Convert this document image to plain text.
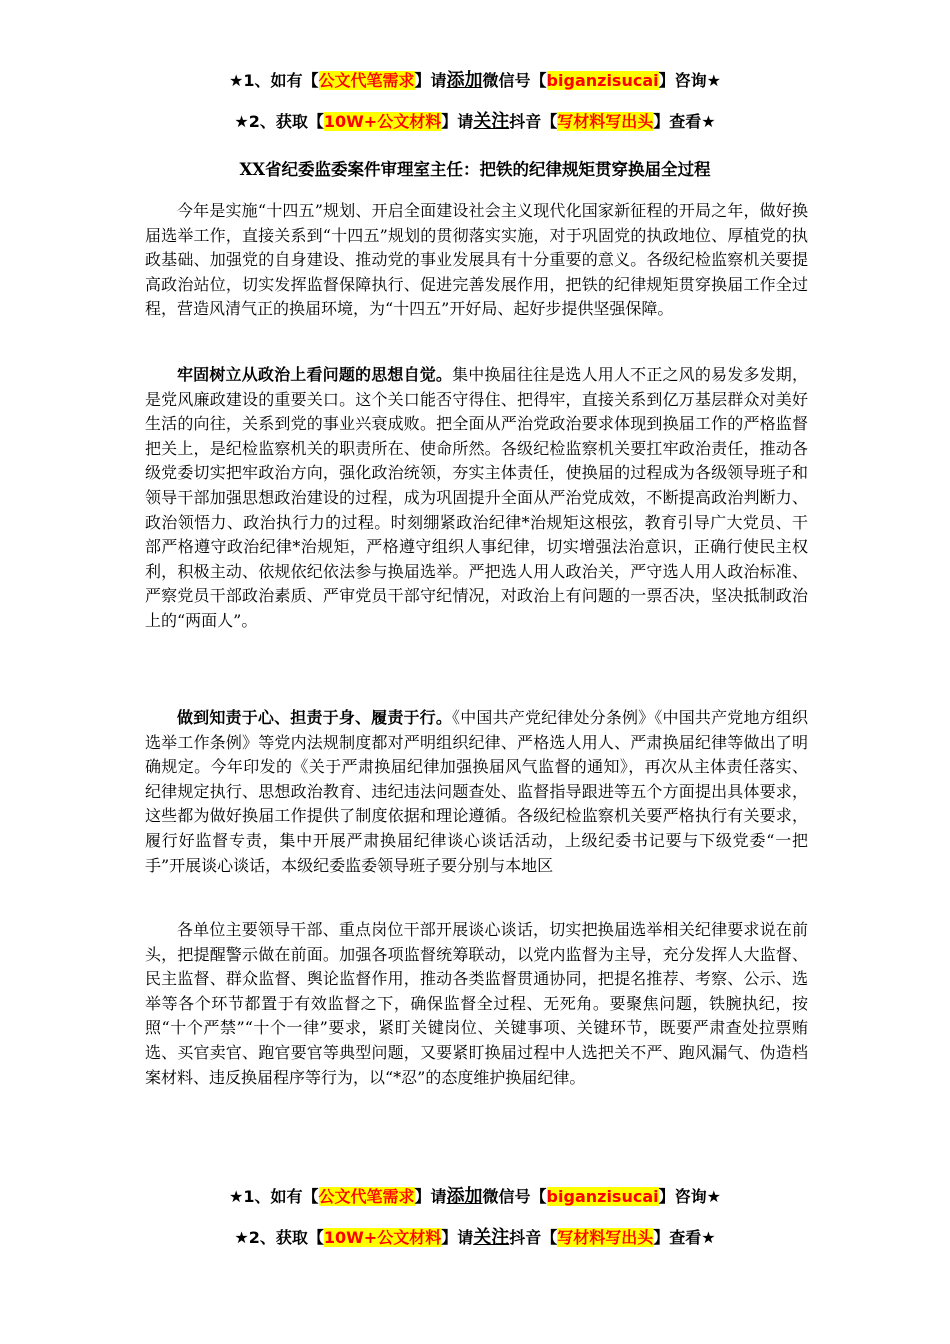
★1、如有【公文代笔需求】请添加微信号【biganzisucai】咨询★
★2、获取【10W+公文材料】请关注抖音【写材料写出头】查看★
XX省纪委监委案件审理室主任：把铁的纪律规矩贯穿换届全过程

今年是实施“十四五”规划、开启全面建设社会主义现代化国家新征程的开局之年，做好换届选举工作，直接关系到“十四五”规划的贯彻落实实施，对于巩固党的执政地位、厚植党的执政基础、加强党的自身建设、推动党的事业发展具有十分重要的意义。各级纪检监察机关要提高政治站位，切实发挥监督保障执行、促进完善发展作用，把铁的纪律规矩贯穿换届工作全过程，营造风清气正的换届环境，为“十四五”开好局、起好步提供坚强保障。

牢固树立从政治上看问题的思想自觉。集中换届往往是选人用人不正之风的易发多发期，是党风廉政建设的重要关口。这个关口能否守得住、把得牢，直接关系到亿万基层群众对美好生活的向往，关系到党的事业兴衰成败。把全面从严治党政治要求体现到换届工作的严格监督把关上，是纪检监察机关的职责所在、使命所然。各级纪检监察机关要扛牢政治责任，推动各级党委切实把牢政治方向，强化政治统领，夯实主体责任，使换届的过程成为各级领导班子和领导干部加强思想政治建设的过程，成为巩固提升全面从严治党成效，不断提高政治判断力、政治领悟力、政治执行力的过程。时刻绷紧政治纪律*治规矩这根弦，教育引导广大党员、干部严格遵守政治纪律*治规矩，严格遵守组织人事纪律，切实增强法治意识，正确行使民主权利，积极主动、依规依纪依法参与换届选举。严把选人用人政治关，严守选人用人政治标准、严察党员干部政治素质、严审党员干部守纪情况，对政治上有问题的一票否决，坚决抵制政治上的“两面人”。

做到知责于心、担责于身、履责于行。《中国共产党纪律处分条例》《中国共产党地方组织选举工作条例》等党内法规制度都对严明组织纪律、严格选人用人、严肃换届纪律等做出了明确规定。今年印发的《关于严肃换届纪律加强换届风气监督的通知》，再次从主体责任落实、纪律规定执行、思想政治教育、违纪违法问题查处、监督指导跟进等五个方面提出具体要求，这些都为做好换届工作提供了制度依据和理论遵循。各级纪检监察机关要严格执行有关要求，履行好监督专责，集中开展严肃换届纪律谈心谈话活动，上级纪委书记要与下级党委“一把手”开展谈心谈话，本级纪委监委领导班子要分别与本地区

各单位主要领导干部、重点岗位干部开展谈心谈话，切实把换届选举相关纪律要求说在前头，把提醒警示做在前面。加强各项监督统筹联动，以党内监督为主导，充分发挥人大监督、民主监督、群众监督、舆论监督作用，推动各类监督贯通协同，把提名推荐、考察、公示、选举等各个环节都置于有效监督之下，确保监督全过程、无死角。要聚焦问题，铁腕执纪，按照“十个严禁”“十个一律”要求，紧盯关键岗位、关键事项、关键环节，既要严肃查处拉票贿选、买官卖官、跑官要官等典型问题，又要紧盯换届过程中人选把关不严、跑风漏气、伪造档案材料、违反换届程序等行为，以“*忍”的态度维护换届纪律。

★1、如有【公文代笔需求】请添加微信号【biganzisucai】咨询★
★2、获取【10W+公文材料】请关注抖音【写材料写出头】查看★
